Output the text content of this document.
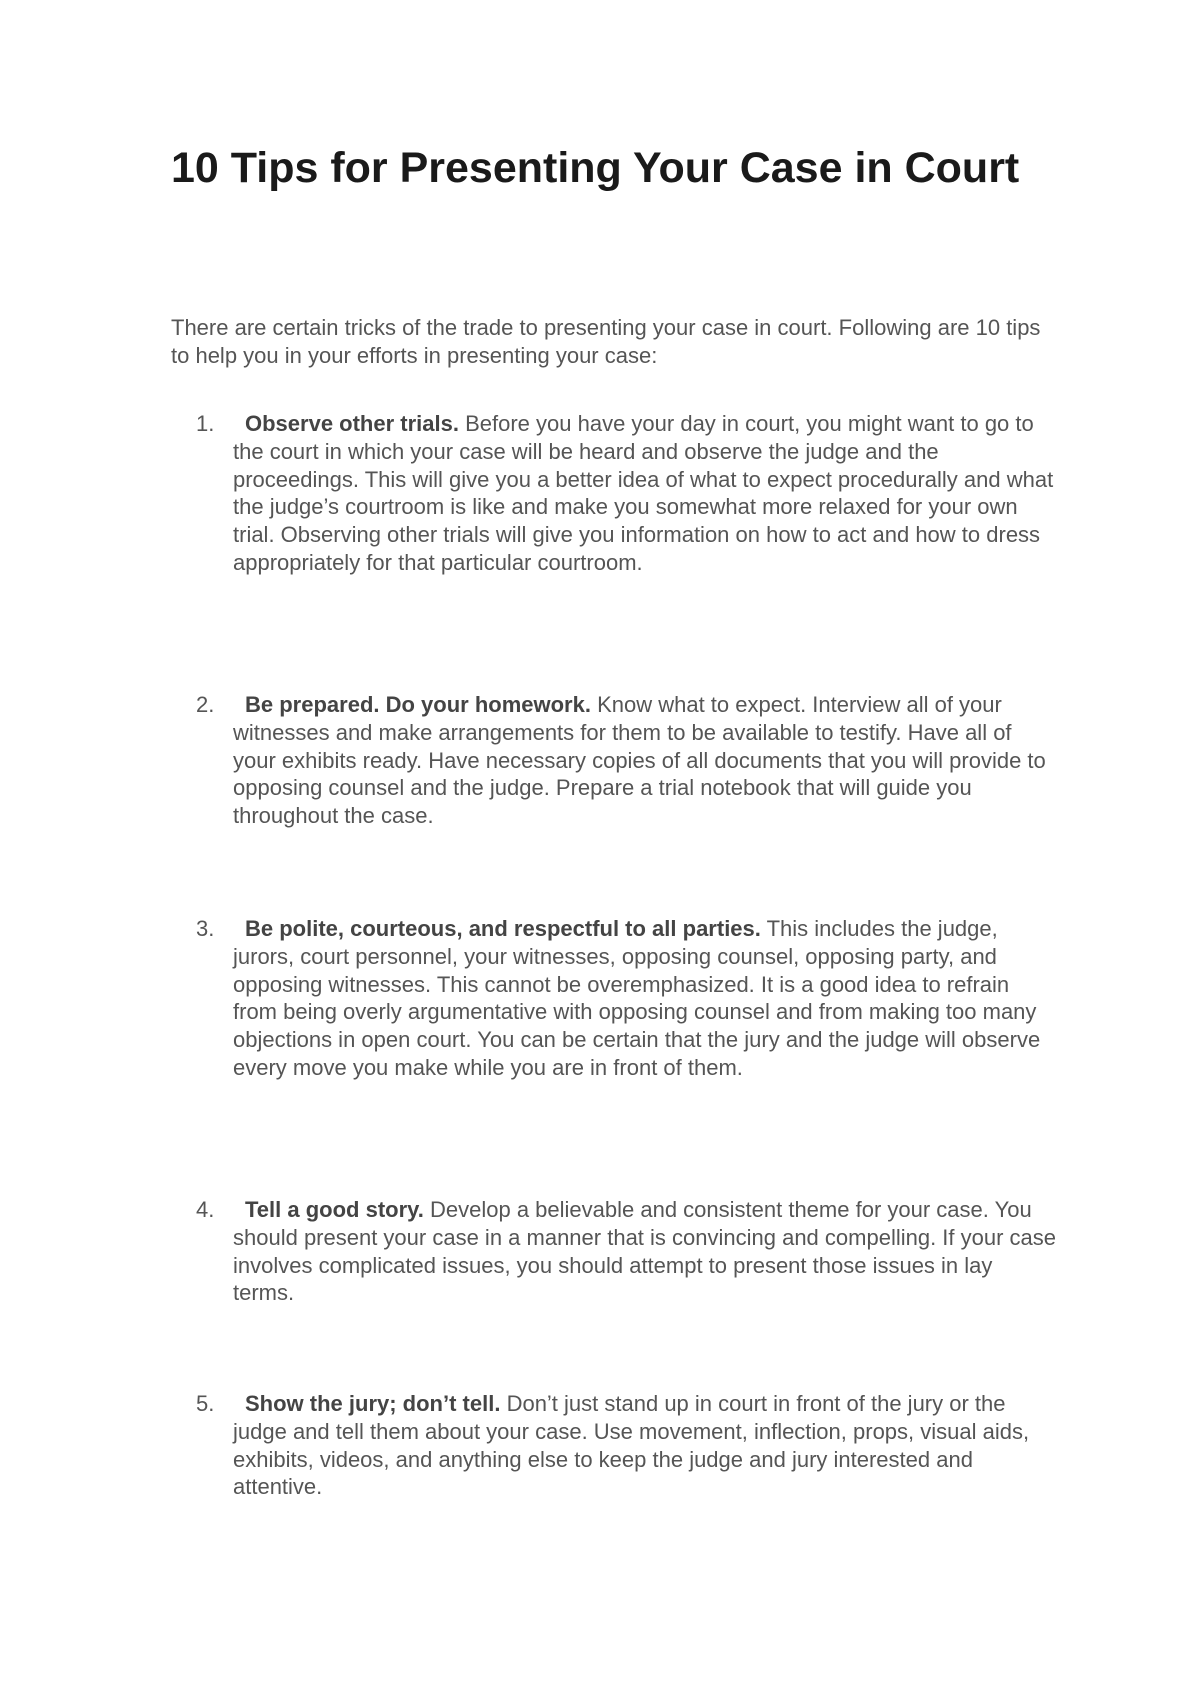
10 Tips for Presenting Your Case in Court

There are certain tricks of the trade to presenting your case in court. Following are 10 tips to help you in your efforts in presenting your case:

1.	Observe other trials. Before you have your day in court, you might want to go to the court in which your case will be heard and observe the judge and the proceedings. This will give you a better idea of what to expect procedurally and what the judge’s courtroom is like and make you somewhat more relaxed for your own trial. Observing other trials will give you information on how to act and how to dress appropriately for that particular courtroom.
2.	Be prepared. Do your homework. Know what to expect. Interview all of your witnesses and make arrangements for them to be available to testify. Have all of your exhibits ready. Have necessary copies of all documents that you will provide to opposing counsel and the judge. Prepare a trial notebook that will guide you throughout the case.
3.	Be polite, courteous, and respectful to all parties. This includes the judge, jurors, court personnel, your witnesses, opposing counsel, opposing party, and opposing witnesses. This cannot be overemphasized. It is a good idea to refrain from being overly argumentative with opposing counsel and from making too many objections in open court. You can be certain that the jury and the judge will observe every move you make while you are in front of them.
4.	Tell a good story. Develop a believable and consistent theme for your case. You should present your case in a manner that is convincing and compelling. If your case involves complicated issues, you should attempt to present those issues in lay terms.
5.	Show the jury; don’t tell. Don’t just stand up in court in front of the jury or the judge and tell them about your case. Use movement, inflection, props, visual aids, exhibits, videos, and anything else to keep the judge and jury interested and attentive.
